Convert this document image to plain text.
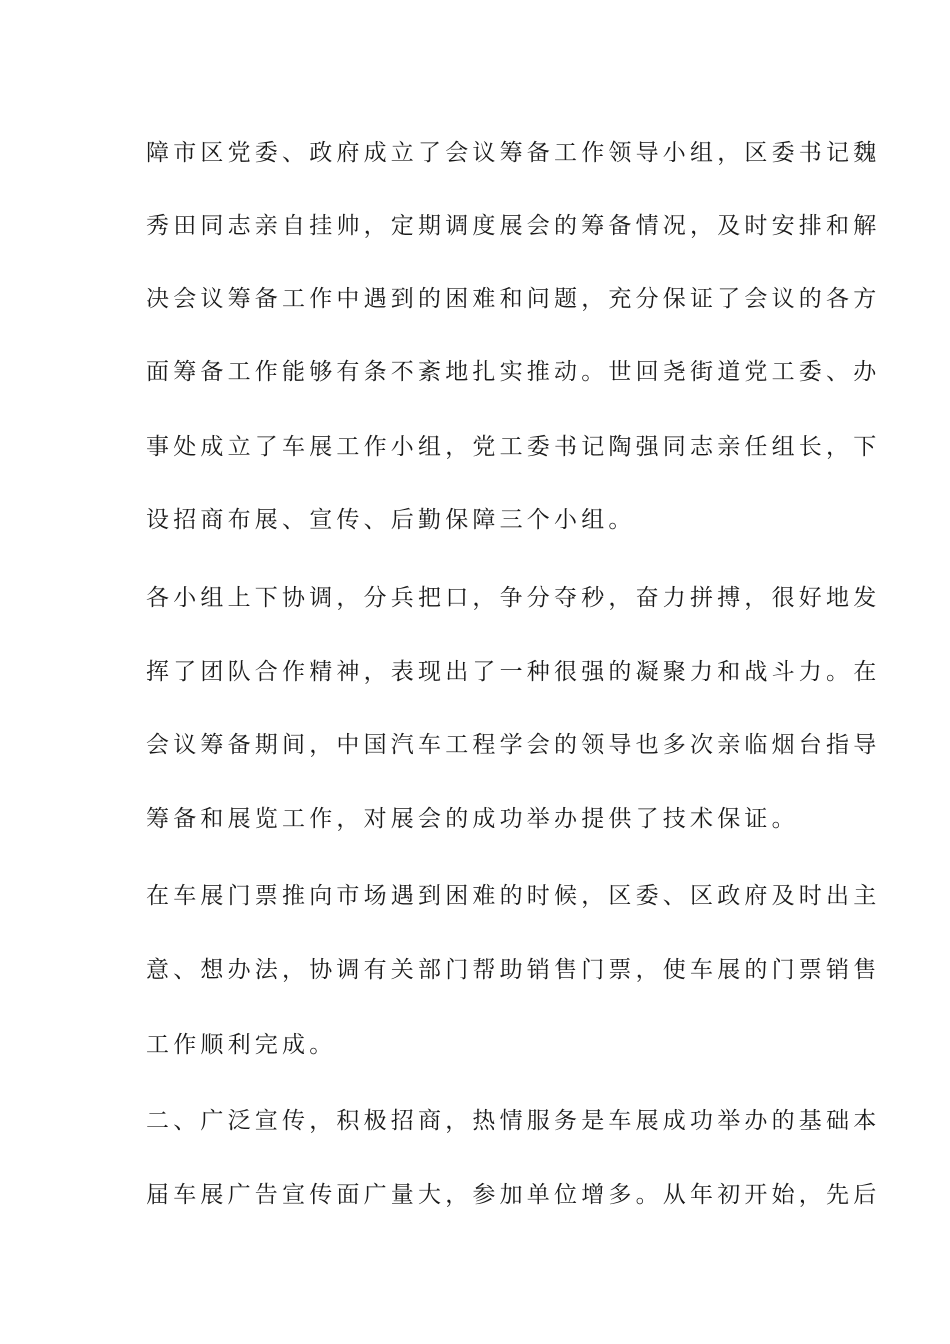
障市区党委、政府成立了会议筹备工作领导小组，区委书记魏
秀田同志亲自挂帅，定期调度展会的筹备情况，及时安排和解
决会议筹备工作中遇到的困难和问题，充分保证了会议的各方
面筹备工作能够有条不紊地扎实推动。世回尧街道党工委、办
事处成立了车展工作小组，党工委书记陶强同志亲任组长，下
设招商布展、宣传、后勤保障三个小组。
各小组上下协调，分兵把口，争分夺秒，奋力拼搏，很好地发
挥了团队合作精神，表现出了一种很强的凝聚力和战斗力。在
会议筹备期间，中国汽车工程学会的领导也多次亲临烟台指导
筹备和展览工作，对展会的成功举办提供了技术保证。
在车展门票推向市场遇到困难的时候，区委、区政府及时出主
意、想办法，协调有关部门帮助销售门票，使车展的门票销售
工作顺利完成。
二、广泛宣传，积极招商，热情服务是车展成功举办的基础本
届车展广告宣传面广量大，参加单位增多。从年初开始，先后
